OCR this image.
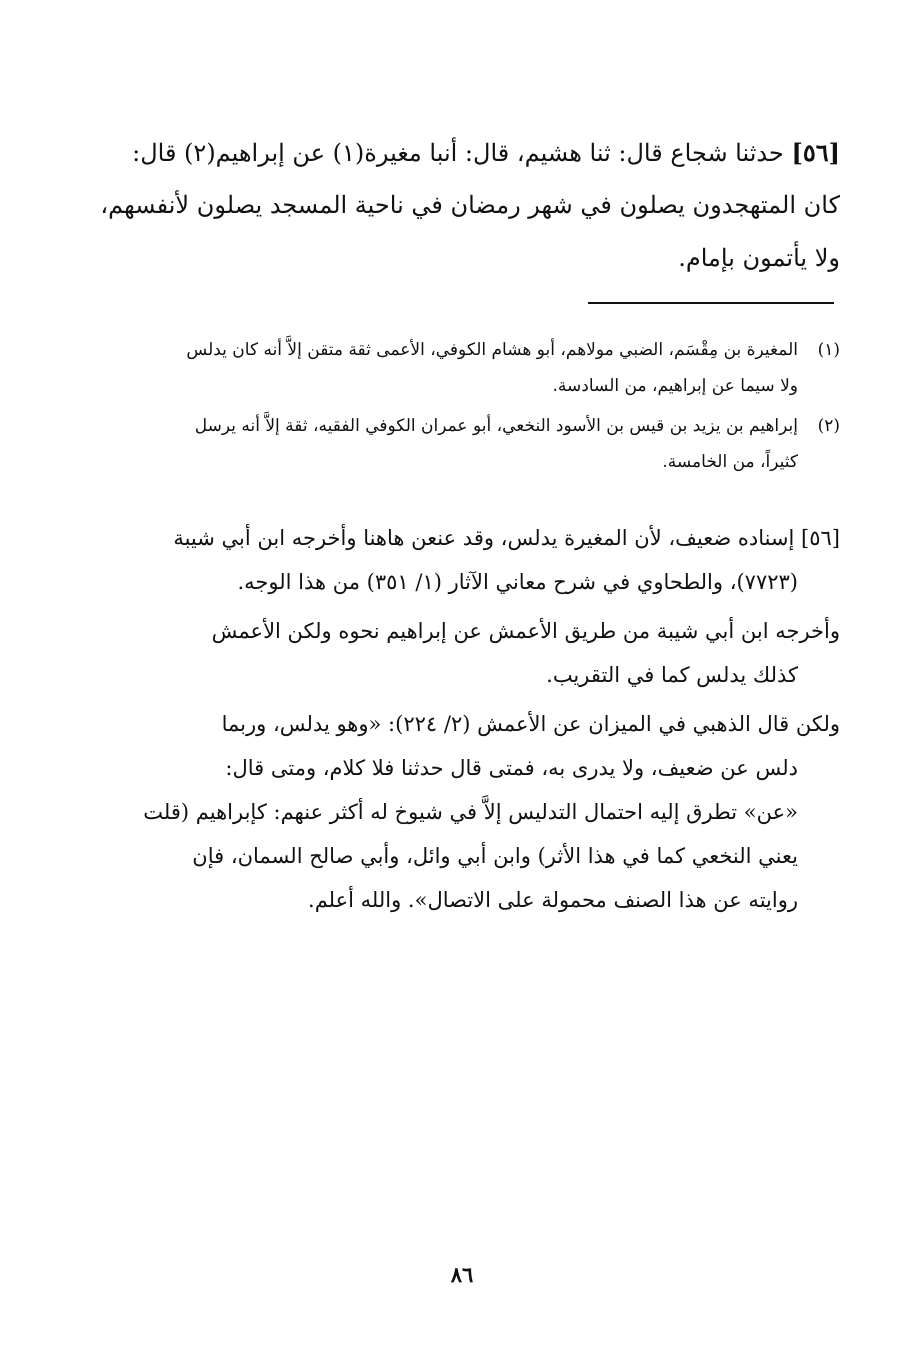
[٥٦] حدثنا شجاع قال: ثنا هشيم، قال: أنبا مغيرة(١) عن إبراهيم(٢) قال:
كان المتهجدون يصلون في شهر رمضان في ناحية المسجد يصلون لأنفسهم،
ولا يأتمون بإمام.
(١)المغيرة بن مِقْسَم، الضبي مولاهم، أبو هشام الكوفي، الأعمى ثقة متقن إلاَّ أنه كان يدلس
ولا سيما عن إبراهيم، من السادسة.
(٢)إبراهيم بن يزيد بن قيس بن الأسود النخعي، أبو عمران الكوفي الفقيه، ثقة إلاَّ أنه يرسل
كثيراً، من الخامسة.
[٥٦] إسناده ضعيف، لأن المغيرة يدلس، وقد عنعن هاهنا وأخرجه ابن أبي شيبة
(٧٧٢٣)، والطحاوي في شرح معاني الآثار (١/ ٣٥١) من هذا الوجه.
وأخرجه ابن أبي شيبة من طريق الأعمش عن إبراهيم نحوه ولكن الأعمش
كذلك يدلس كما في التقريب.
ولكن قال الذهبي في الميزان عن الأعمش (٢/ ٢٢٤): «وهو يدلس، وربما
دلس عن ضعيف، ولا يدرى به، فمتى قال حدثنا فلا كلام، ومتى قال:
«عن» تطرق إليه احتمال التدليس إلاَّ في شيوخ له أكثر عنهم: كإبراهيم (قلت
يعني النخعي كما في هذا الأثر) وابن أبي وائل، وأبي صالح السمان، فإن
روايته عن هذا الصنف محمولة على الاتصال». والله أعلم.
٨٦
